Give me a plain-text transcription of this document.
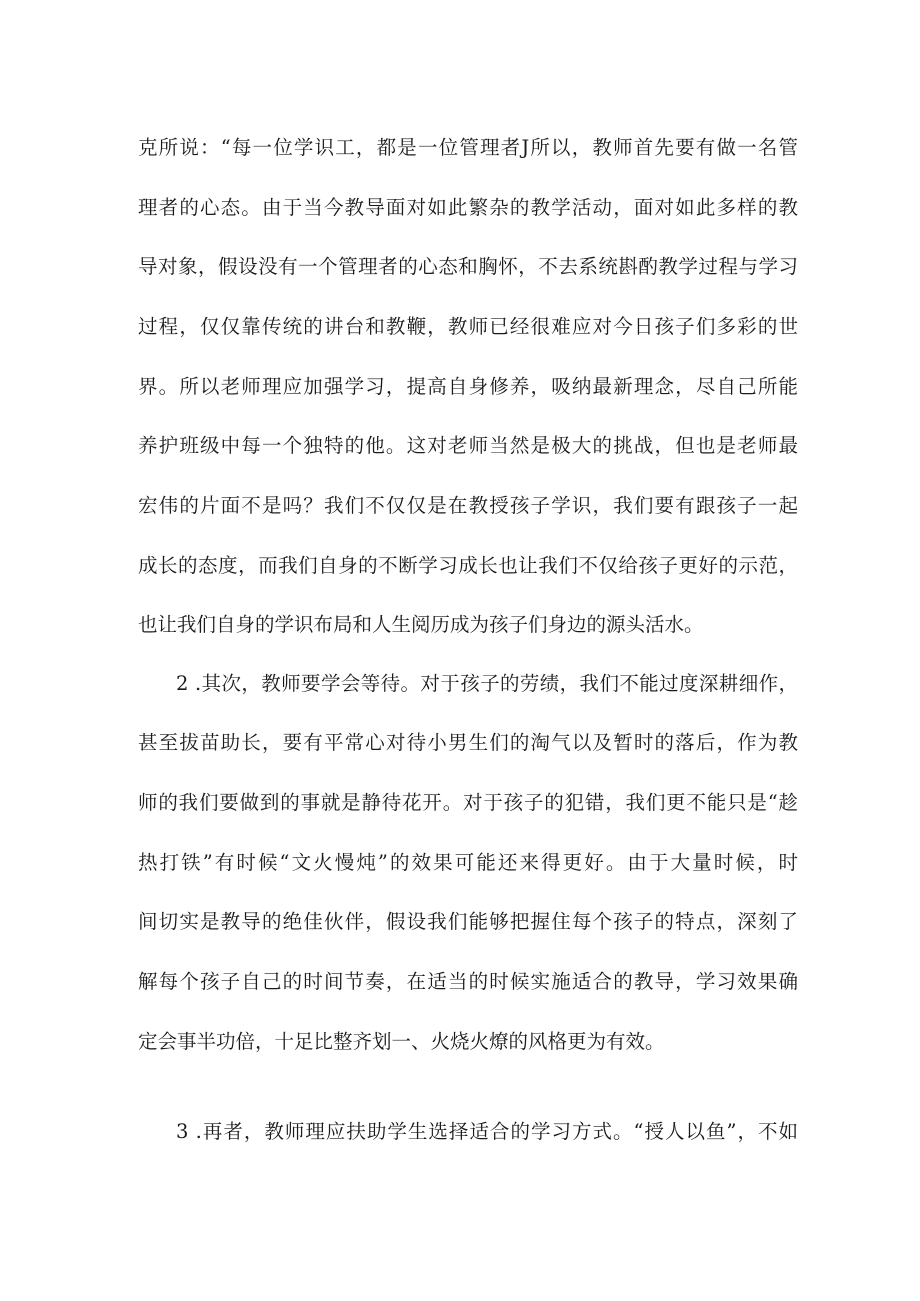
克所说：“每一位学识工，都是一位管理者J所以，教师首先要有做一名管
理者的心态。由于当今教导面对如此繁杂的教学活动，面对如此多样的教
导对象，假设没有一个管理者的心态和胸怀，不去系统斟酌教学过程与学习
过程，仅仅靠传统的讲台和教鞭，教师已经很难应对今日孩子们多彩的世
界。所以老师理应加强学习，提高自身修养，吸纳最新理念，尽自己所能
养护班级中每一个独特的他。这对老师当然是极大的挑战，但也是老师最
宏伟的片面不是吗？我们不仅仅是在教授孩子学识，我们要有跟孩子一起
成长的态度，而我们自身的不断学习成长也让我们不仅给孩子更好的示范，
也让我们自身的学识布局和人生阅历成为孩子们身边的源头活水。
2 .其次，教师要学会等待。对于孩子的劳绩，我们不能过度深耕细作，
甚至拔苗助长，要有平常心对待小男生们的淘气以及暂时的落后，作为教
师的我们要做到的事就是静待花开。对于孩子的犯错，我们更不能只是“趁
热打铁”有时候“文火慢炖”的效果可能还来得更好。由于大量时候，时
间切实是教导的绝佳伙伴，假设我们能够把握住每个孩子的特点，深刻了
解每个孩子自己的时间节奏，在适当的时候实施适合的教导，学习效果确
定会事半功倍，十足比整齐划一、火烧火燎的风格更为有效。
3 .再者，教师理应扶助学生选择适合的学习方式。“授人以鱼”，不如
